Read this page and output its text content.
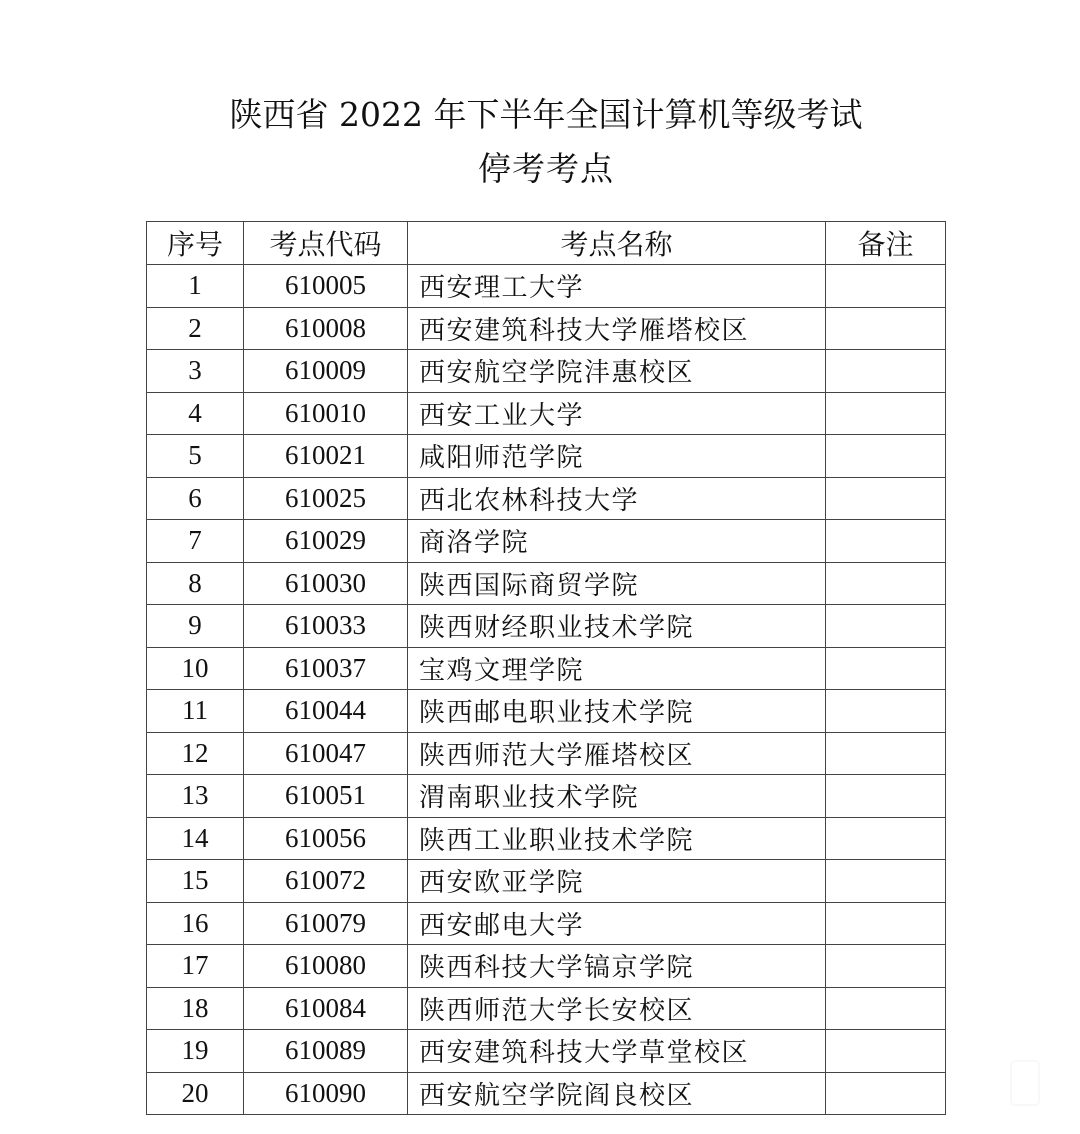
陕西省 2022 年下半年全国计算机等级考试

停考考点

序号	考点代码	考点名称	备注
1	610005	西安理工大学	
2	610008	西安建筑科技大学雁塔校区	
3	610009	西安航空学院沣惠校区	
4	610010	西安工业大学	
5	610021	咸阳师范学院	
6	610025	西北农林科技大学	
7	610029	商洛学院	
8	610030	陕西国际商贸学院	
9	610033	陕西财经职业技术学院	
10	610037	宝鸡文理学院	
11	610044	陕西邮电职业技术学院	
12	610047	陕西师范大学雁塔校区	
13	610051	渭南职业技术学院	
14	610056	陕西工业职业技术学院	
15	610072	西安欧亚学院	
16	610079	西安邮电大学	
17	610080	陕西科技大学镐京学院	
18	610084	陕西师范大学长安校区	
19	610089	西安建筑科技大学草堂校区	
20	610090	西安航空学院阎良校区	
